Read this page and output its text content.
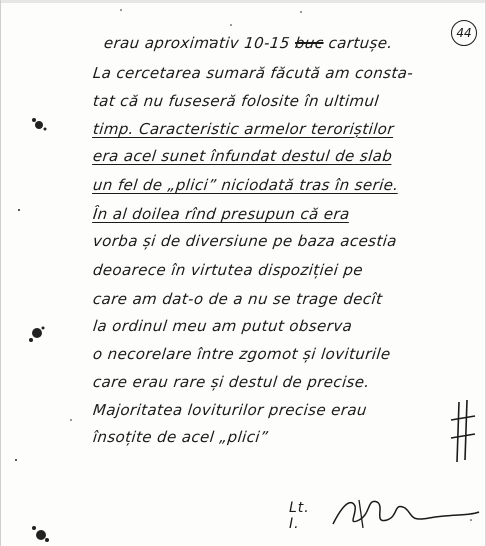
44
erau aproximativ 10-15 buc cartușe.
La cercetarea sumară făcută am consta-
tat că nu fuseseră folosite în ultimul
timp. Caracteristic armelor teroriștilor
era acel sunet înfundat destul de slab
un fel de „plici” niciodată tras în serie.
În al doilea rînd presupun că era
vorba și de diversiune pe baza acestia
deoarece în virtutea dispoziției pe
care am dat-o de a nu se trage decît
la ordinul meu am putut observa
o necorelare între zgomot și loviturile
care erau rare și destul de precise.
Majoritatea loviturilor precise erau
însoțite de acel „plici”
Lt. I.
